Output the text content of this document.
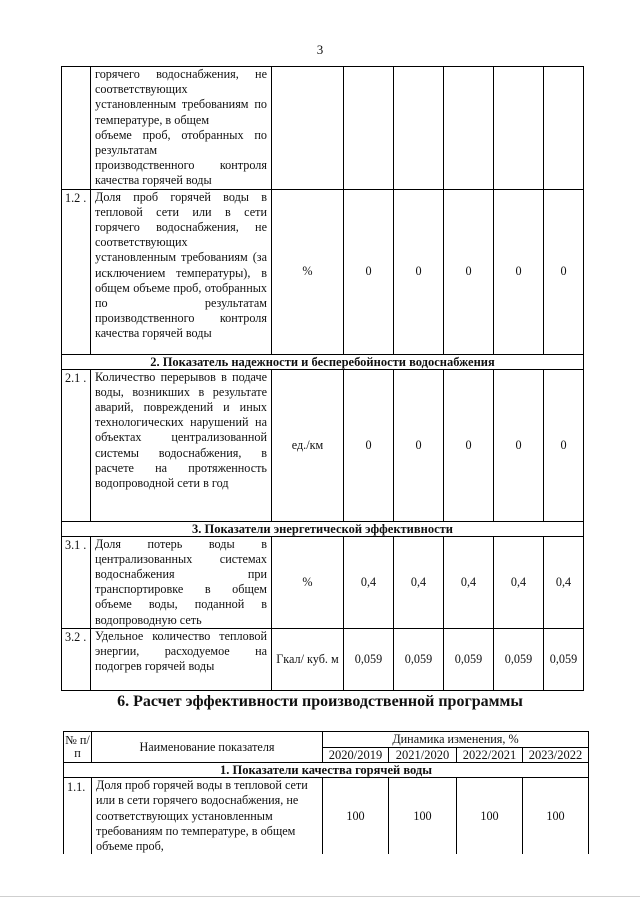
3

	горячего водоснабжения, не соответствующих
установленным требованиям по температуре, в общем
объеме проб, отобранных по результатам
производственного контроля качества горячей воды						

1.2 .	Доля проб горячей воды в тепловой сети или в сети горячего водоснабжения, не соответствующих установленным требованиям (за исключением температуры), в общем объеме проб, отобранных по результатам производственного контроля качества горячей воды	%	0	0	0	0	0
2. Показатель надежности и бесперебойности водоснабжения							
2.1 .	Количество перерывов в подаче воды, возникших в результате аварий, повреждений и иных технологических нарушений на объектах централизованной системы водоснабжения, в расчете на протяженность водопроводной сети в год	ед./км	0	0	0	0	0
3. Показатели энергетической эффективности							
3.1 .	Доля потерь воды в централизованных системах водоснабжения при транспортировке в общем объеме воды, поданной в водопроводную сеть	%	0,4	0,4	0,4	0,4	0,4
3.2 .	Удельное количество тепловой энергии, расходуемое на подогрев горячей воды	Гкал/ куб. м	0,059	0,059	0,059	0,059	0,059
6. Расчет эффективности производственной программы
№ п/п	Наименование показателя	Динамика изменения, %			
		2020/2019	2021/2020	2022/2021	2023/2022
1. Показатели качества горячей воды					
1.1.	Доля проб горячей воды в тепловой сети или в сети горячего водоснабжения, не соответствующих установленным требованиям по температуре, в общем объеме проб,	100	100	100	100
